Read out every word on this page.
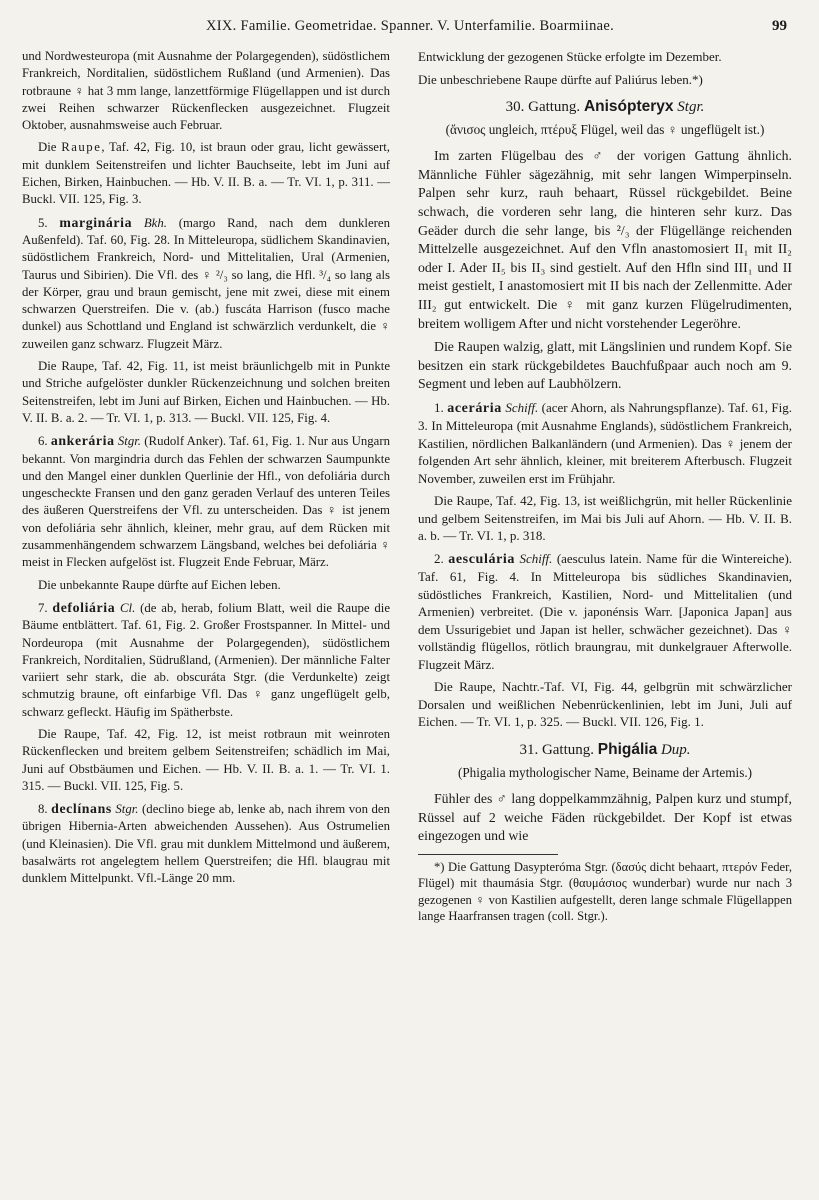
XIX. Familie. Geometridae. Spanner. V. Unterfamilie. Boarmiinae.	99

und Nordwesteuropa (mit Ausnahme der Polargegenden), südöstlichem Frankreich, Norditalien, südöstlichem Rußland (und Armenien). Das rotbraune ♀ hat 3 mm lange, lanzettförmige Flügellappen und ist durch zwei Reihen schwarzer Rückenflecken ausgezeichnet. Flugzeit Oktober, ausnahmsweise auch Februar.

Die Raupe, Taf. 42, Fig. 10, ist braun oder grau, licht gewässert, mit dunklem Seitenstreifen und lichter Bauchseite, lebt im Juni auf Eichen, Birken, Hainbuchen. — Hb. V. II. B. a. — Tr. VI. 1, p. 311. — Buckl. VII. 125, Fig. 3.

5. marginária Bkh. (margo Rand, nach dem dunkleren Außenfeld). Taf. 60, Fig. 28. In Mitteleuropa, südlichem Skandinavien, südöstlichem Frankreich, Nord- und Mittelitalien, Ural (Armenien, Taurus und Sibirien). Die Vfl. des ♀ ²/₃ so lang, die Hfl. ³/₄ so lang als der Körper, grau und braun gemischt, jene mit zwei, diese mit einem schwarzen Querstreifen. Die v. (ab.) fuscáta Harrison (fusco mache dunkel) aus Schottland und England ist schwärzlich verdunkelt, die ♀ zuweilen ganz schwarz. Flugzeit März.

Die Raupe, Taf. 42, Fig. 11, ist meist bräunlichgelb mit in Punkte und Striche aufgelöster dunkler Rückenzeichnung und solchen breiten Seitenstreifen, lebt im Juni auf Birken, Eichen und Hainbuchen. — Hb. V. II. B. a. 2. — Tr. VI. 1, p. 313. — Buckl. VII. 125, Fig. 4.

6. ankerária Stgr. (Rudolf Anker). Taf. 61, Fig. 1. Nur aus Ungarn bekannt. Von margindria durch das Fehlen der schwarzen Saumpunkte und den Mangel einer dunklen Querlinie der Hfl., von defoliária durch ungescheckte Fransen und den ganz geraden Verlauf des unteren Teiles des äußeren Querstreifens der Vfl. zu unterscheiden. Das ♀ ist jenem von defoliária sehr ähnlich, kleiner, mehr grau, auf dem Rücken mit zusammenhängendem schwarzem Längsband, welches bei defoliária ♀ meist in Flecken aufgelöst ist. Flugzeit Ende Februar, März.

Die unbekannte Raupe dürfte auf Eichen leben.

7. defoliária Cl. (de ab, herab, folium Blatt, weil die Raupe die Bäume entblättert. Taf. 61, Fig. 2. Großer Frostspanner. In Mittel- und Nordeuropa (mit Ausnahme der Polargegenden), südöstlichem Frankreich, Norditalien, Südrußland, (Armenien). Der männliche Falter variiert sehr stark, die ab. obscuráta Stgr. (die Verdunkelte) zeigt schmutzig braune, oft einfarbige Vfl. Das ♀ ganz ungeflügelt gelb, schwarz gefleckt. Häufig im Spätherbste.

Die Raupe, Taf. 42, Fig. 12, ist meist rotbraun mit weinroten Rückenflecken und breitem gelbem Seitenstreifen; schädlich im Mai, Juni auf Obstbäumen und Eichen. — Hb. V. II. B. a. 1. — Tr. VI. 1. 315. — Buckl. VII. 125, Fig. 5.

8. declínans Stgr. (declino biege ab, lenke ab, nach ihrem von den übrigen Hibernia-Arten abweichenden Aussehen). Aus Ostrumelien (und Kleinasien). Die Vfl. grau mit dunklem Mittelmond und äußerem, basalwärts rot angelegtem hellem Querstreifen; die Hfl. blaugrau mit dunklem Mittelpunkt. Vfl.-Länge 20 mm.

Entwicklung der gezogenen Stücke erfolgte im Dezember.

Die unbeschriebene Raupe dürfte auf Paliúrus leben.*)

30. Gattung. Anisópteryx Stgr.
(ἄνισος ungleich, πτέρυξ Flügel, weil das ♀ ungeflügelt ist.)

Im zarten Flügelbau des ♂ der vorigen Gattung ähnlich. Männliche Fühler sägezähnig, mit sehr langen Wimperpinseln. Palpen sehr kurz, rauh behaart, Rüssel rückgebildet. Beine schwach, die vorderen sehr lang, die hinteren sehr kurz. Das Geäder durch die sehr lange, bis ²/₃ der Flügellänge reichenden Mittelzelle ausgezeichnet. Auf den Vfln anastomosiert II₁ mit II₂ oder I. Ader II₅ bis II₃ sind gestielt. Auf den Hfln sind III₁ und II meist gestielt, I anastomosiert mit II bis nach der Zellenmitte. Ader III₂ gut entwickelt. Die ♀ mit ganz kurzen Flügelrudimenten, breitem wolligem After und nicht vorstehender Legeröhre.

Die Raupen walzig, glatt, mit Längslinien und rundem Kopf. Sie besitzen ein stark rückgebildetes Bauchfußpaar auch noch am 9. Segment und leben auf Laubhölzern.

1. acerária Schiff. (acer Ahorn, als Nahrungspflanze). Taf. 61, Fig. 3. In Mitteleuropa (mit Ausnahme Englands), südöstlichem Frankreich, Kastilien, nördlichen Balkanländern (und Armenien). Das ♀ jenem der folgenden Art sehr ähnlich, kleiner, mit breiterem Afterbusch. Flugzeit November, zuweilen erst im Frühjahr.

Die Raupe, Taf. 42, Fig. 13, ist weißlichgrün, mit heller Rückenlinie und gelbem Seitenstreifen, im Mai bis Juli auf Ahorn. — Hb. V. II. B. a. b. — Tr. VI. 1, p. 318.

2. aesculária Schiff. (aesculus latein. Name für die Wintereiche). Taf. 61, Fig. 4. In Mitteleuropa bis südliches Skandinavien, südöstliches Frankreich, Kastilien, Nord- und Mittelitalien (und Armenien) verbreitet. (Die v. japonénsis Warr. [Japonica Japan] aus dem Ussurigebiet und Japan ist heller, schwächer gezeichnet). Das ♀ vollständig flügellos, rötlich braungrau, mit dunkelgrauer Afterwolle. Flugzeit März.

Die Raupe, Nachtr.-Taf. VI, Fig. 44, gelbgrün mit schwärzlicher Dorsalen und weißlichen Nebenrückenlinien, lebt im Juni, Juli auf Eichen. — Tr. VI. 1, p. 325. — Buckl. VII. 126, Fig. 1.

31. Gattung. Phigália Dup.
(Phigalia mythologischer Name, Beiname der Artemis.)

Fühler des ♂ lang doppelkammzähnig, Palpen kurz und stumpf, Rüssel auf 2 weiche Fäden rückgebildet. Der Kopf ist etwas eingezogen und wie

*) Die Gattung Dasypteróma Stgr. (δασύς dicht behaart, πτερόν Feder, Flügel) mit thaumásia Stgr. (θαυμάσιος wunderbar) wurde nur nach 3 gezogenen ♀ von Kastilien aufgestellt, deren lange schmale Flügellappen lange Haarfransen tragen (coll. Stgr.).
